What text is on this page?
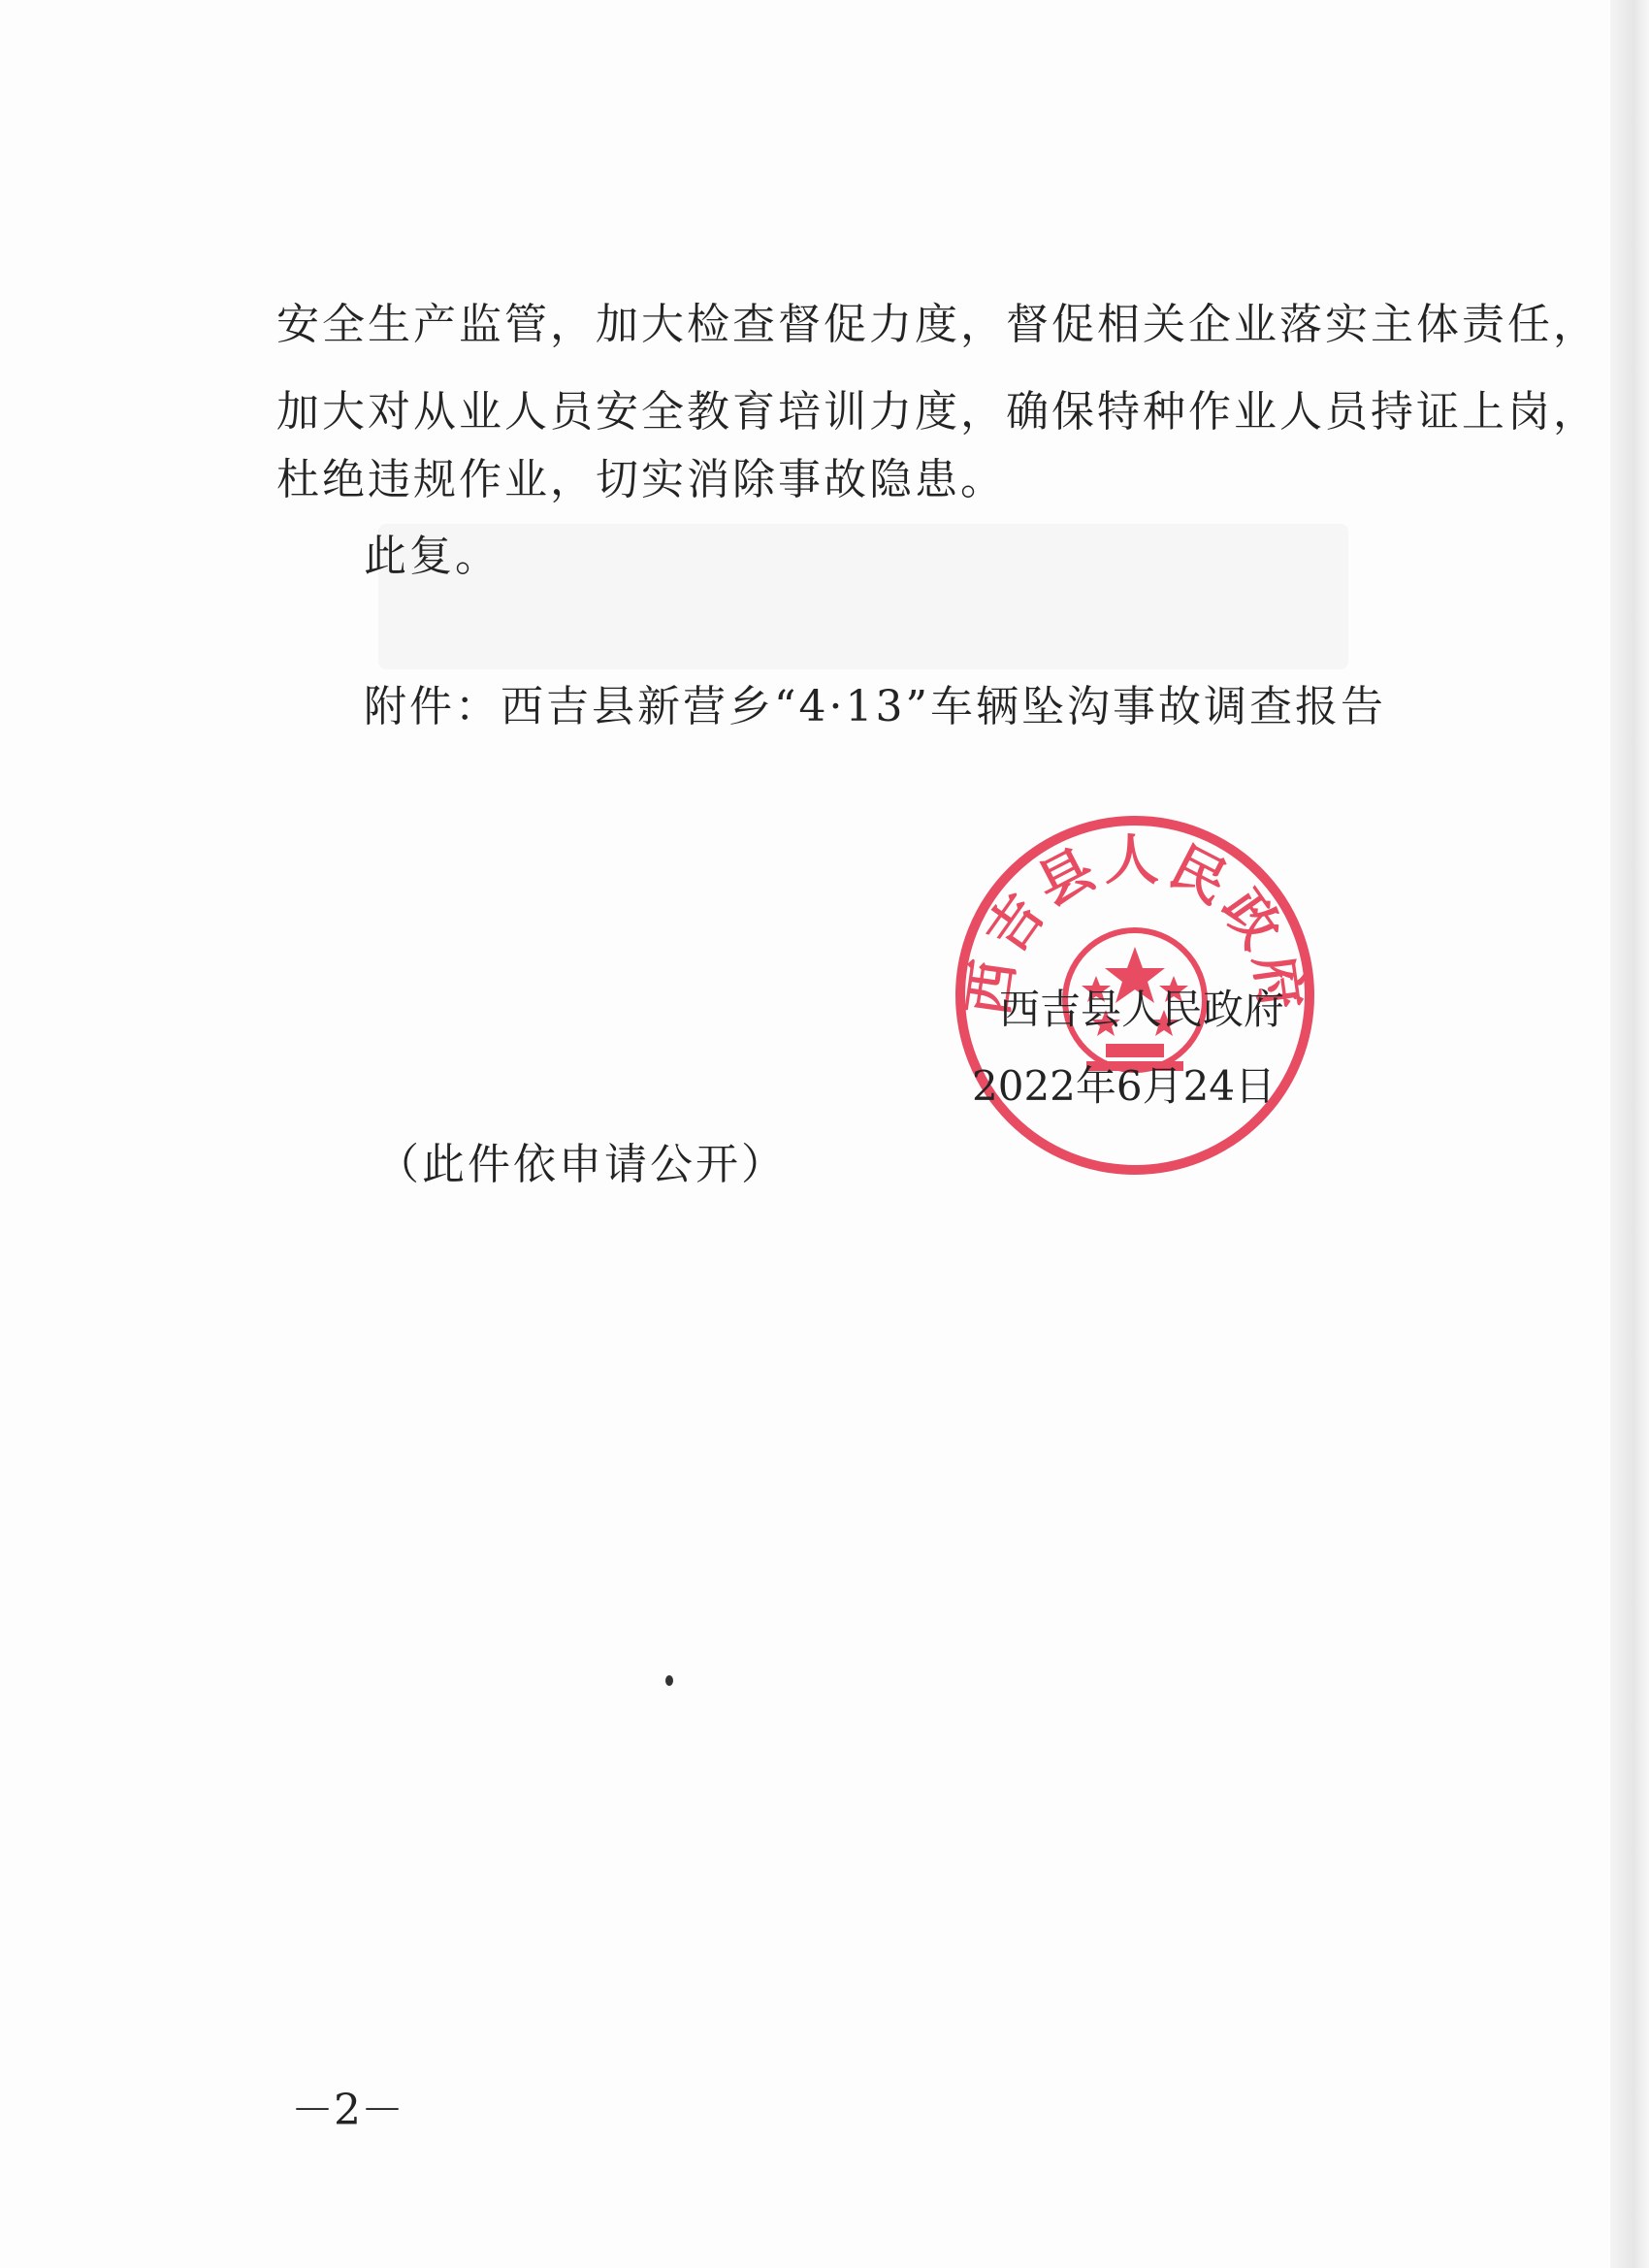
安全生产监管，加大检查督促力度，督促相关企业落实主体责任，
加大对从业人员安全教育培训力度，确保特种作业人员持证上岗，
杜绝违规作业，切实消除事故隐患。
此复。
附件：西吉县新营乡“4·13”车辆坠沟事故调查报告
西吉县人民政府
西吉县人民政府
2022年6月24日
（此件依申请公开）
－2－
